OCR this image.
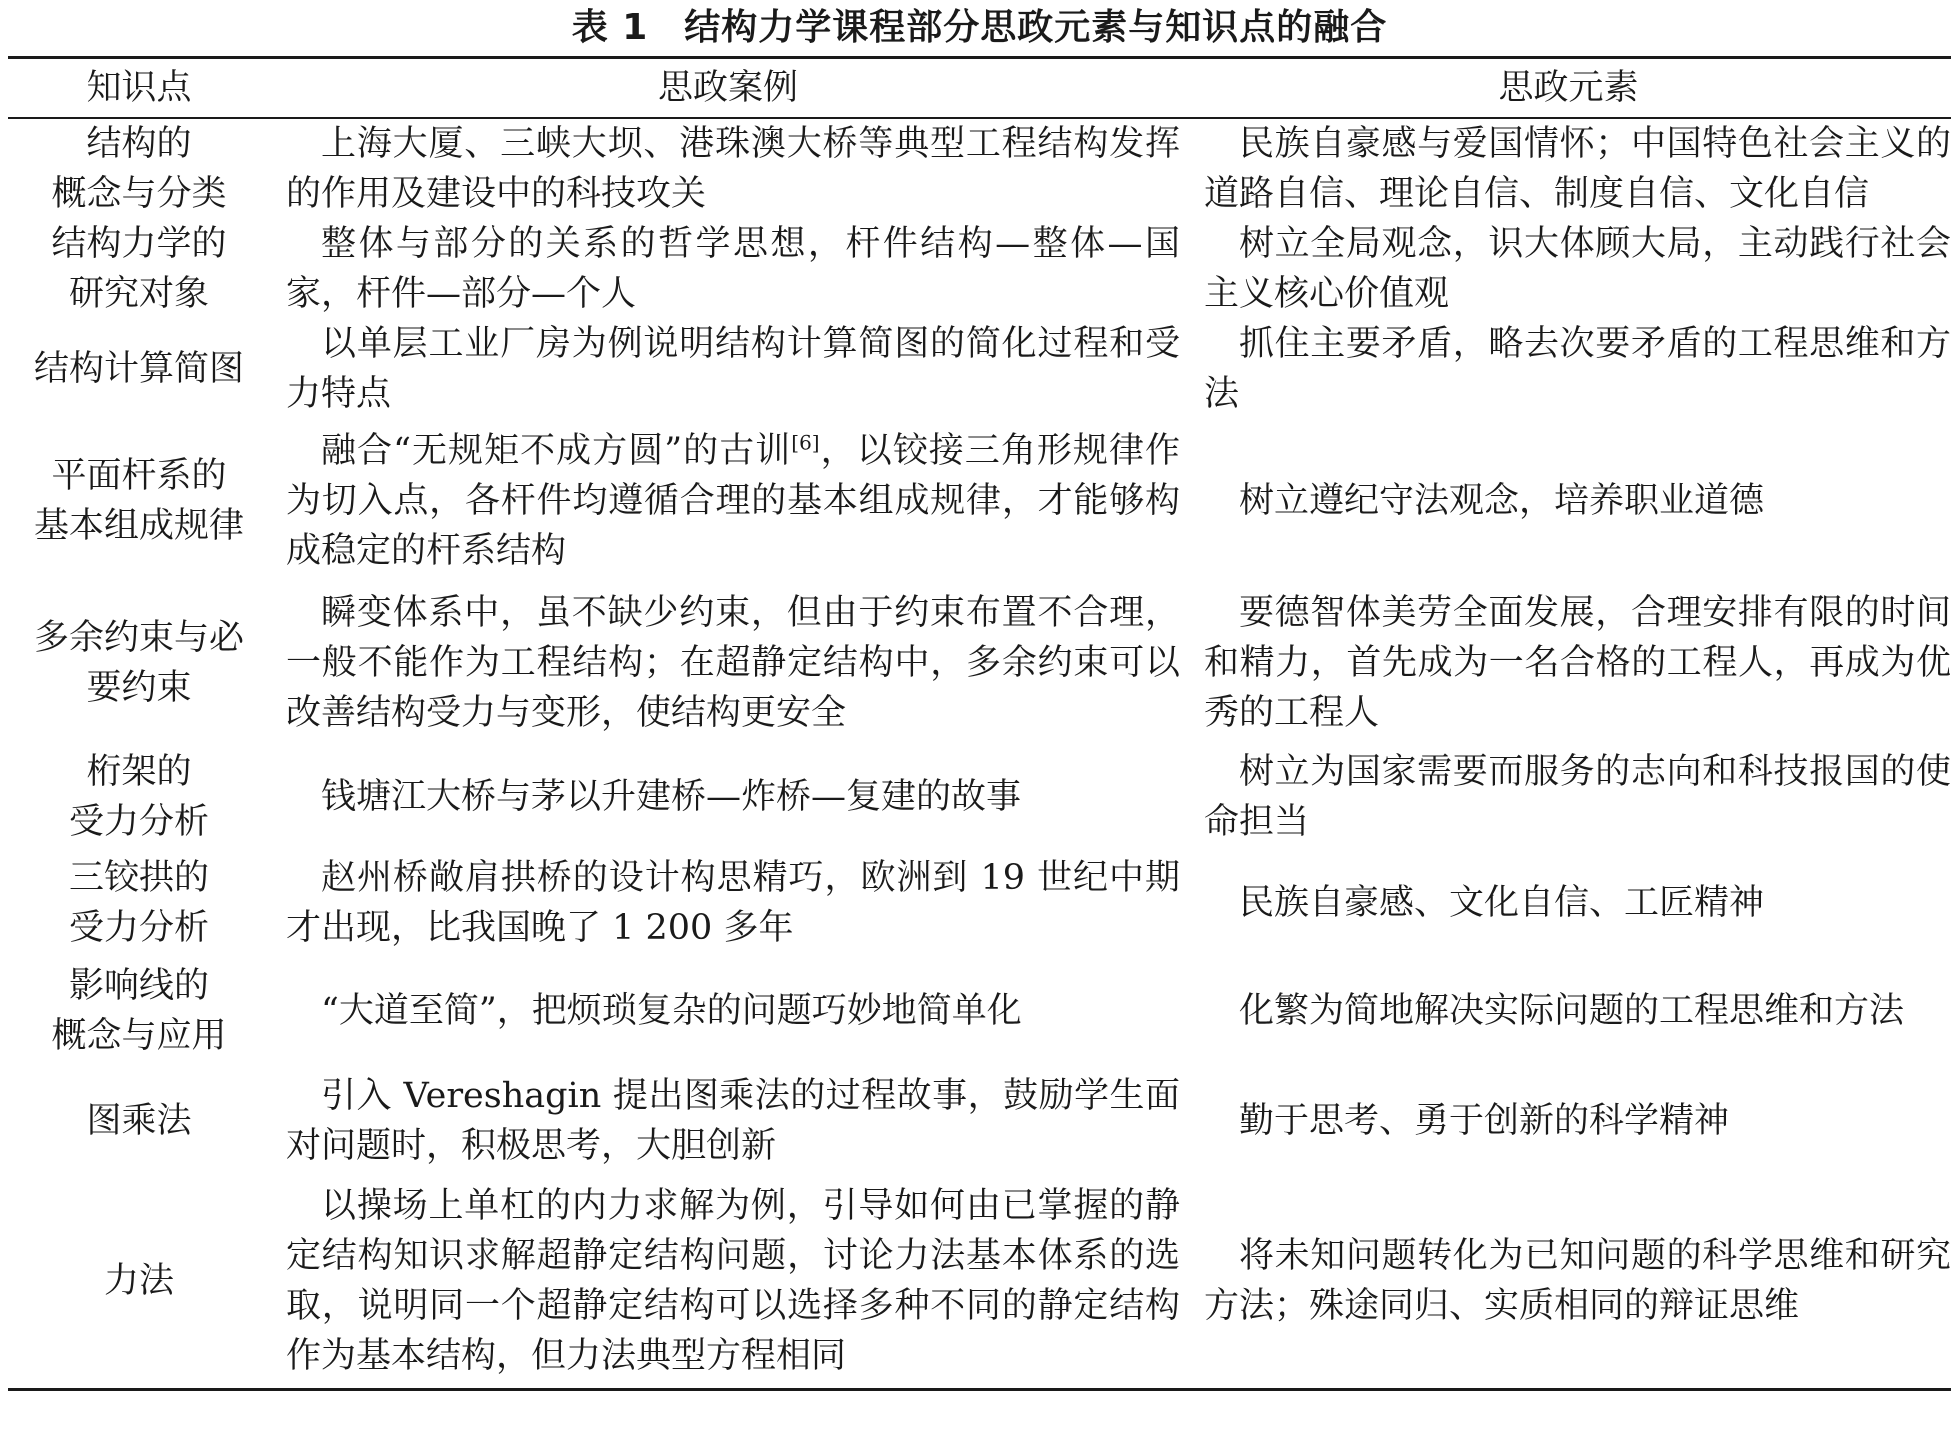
表 1 结构力学课程部分思政元素与知识点的融合
知识点	思政案例	思政元素
结构的
概念与分类	上海大厦、三峡大坝、港珠澳大桥等典型工程结构发挥的作用及建设中的科技攻关	民族自豪感与爱国情怀；中国特色社会主义的道路自信、理论自信、制度自信、文化自信
结构力学的
研究对象	整体与部分的关系的哲学思想，杆件结构—整体—国家，杆件—部分—个人	树立全局观念，识大体顾大局，主动践行社会主义核心价值观
结构计算简图	以单层工业厂房为例说明结构计算简图的简化过程和受力特点	抓住主要矛盾，略去次要矛盾的工程思维和方法
平面杆系的
基本组成规律	融合“无规矩不成方圆”的古训[6]，以铰接三角形规律作为切入点，各杆件均遵循合理的基本组成规律，才能够构成稳定的杆系结构	树立遵纪守法观念，培养职业道德
多余约束与必
要约束	瞬变体系中，虽不缺少约束，但由于约束布置不合理，一般不能作为工程结构；在超静定结构中，多余约束可以改善结构受力与变形，使结构更安全	要德智体美劳全面发展，合理安排有限的时间和精力，首先成为一名合格的工程人，再成为优秀的工程人
桁架的
受力分析	钱塘江大桥与茅以升建桥—炸桥—复建的故事	树立为国家需要而服务的志向和科技报国的使命担当
三铰拱的
受力分析	赵州桥敞肩拱桥的设计构思精巧，欧洲到 19 世纪中期才出现，比我国晚了 1 200 多年	民族自豪感、文化自信、工匠精神
影响线的
概念与应用	“大道至简”，把烦琐复杂的问题巧妙地简单化	化繁为简地解决实际问题的工程思维和方法
图乘法	引入 Vereshagin 提出图乘法的过程故事，鼓励学生面对问题时，积极思考，大胆创新	勤于思考、勇于创新的科学精神
力法	以操场上单杠的内力求解为例，引导如何由已掌握的静定结构知识求解超静定结构问题，讨论力法基本体系的选取，说明同一个超静定结构可以选择多种不同的静定结构作为基本结构，但力法典型方程相同	将未知问题转化为已知问题的科学思维和研究方法；殊途同归、实质相同的辩证思维
